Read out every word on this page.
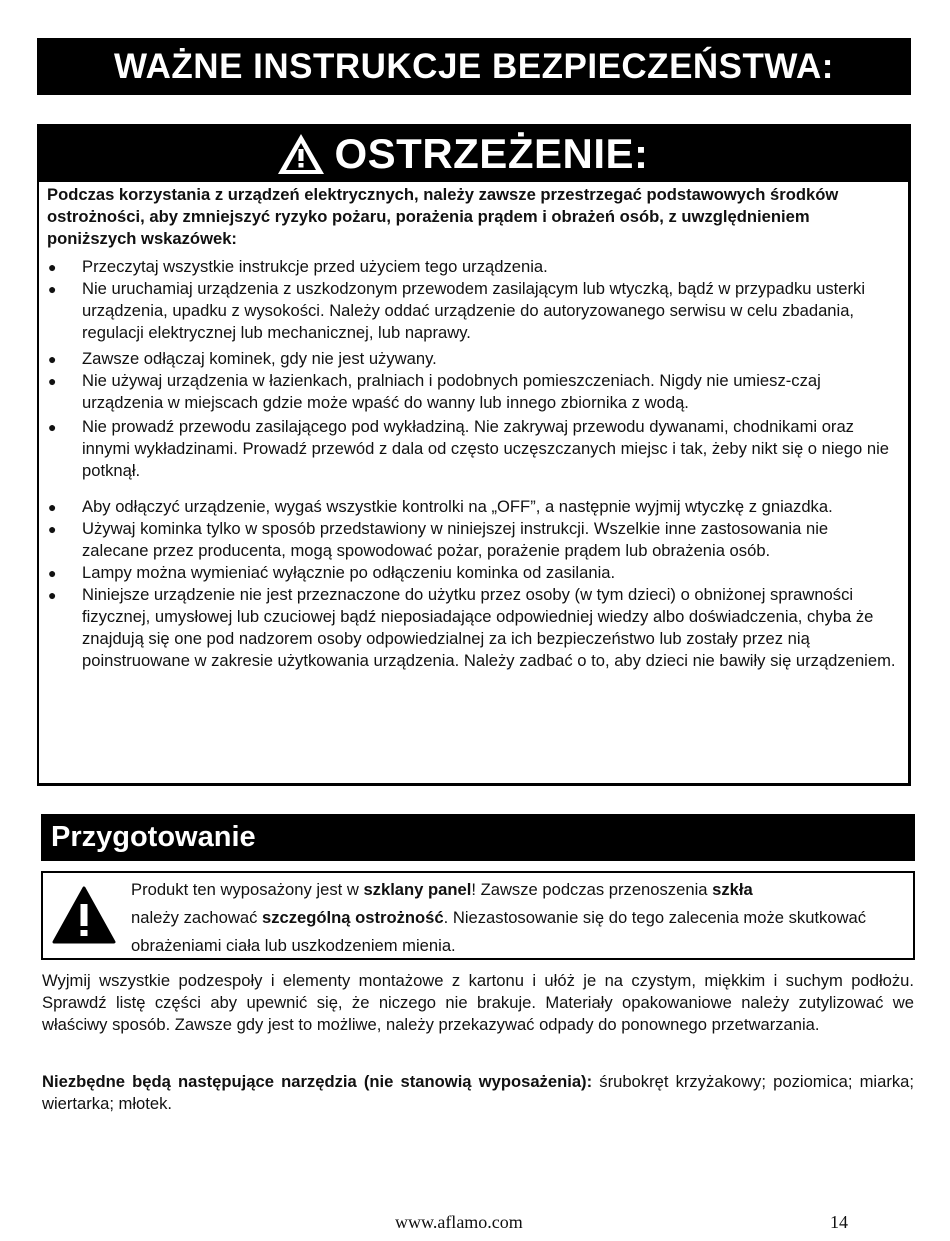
WAŻNE INSTRUKCJE BEZPIECZEŃSTWA:
OSTRZEŻENIE:
Podczas korzystania z urządzeń elektrycznych, należy zawsze przestrzegać podstawowych środków ostrożności, aby zmniejszyć ryzyko pożaru, porażenia prądem i obrażeń osób, z uwzględnieniem poniższych wskazówek:
● Przeczytaj wszystkie instrukcje przed użyciem tego urządzenia.
● Nie uruchamiaj urządzenia z uszkodzonym przewodem zasilającym lub wtyczką, bądź w przypadku usterki urządzenia, upadku z wysokości. Należy oddać urządzenie do autoryzowanego serwisu w celu zbadania, regulacji elektrycznej lub mechanicznej, lub naprawy.
● Zawsze odłączaj kominek, gdy nie jest używany.
● Nie używaj urządzenia w łazienkach, pralniach i podobnych pomieszczeniach. Nigdy nie umiesz-czaj urządzenia w miejscach gdzie może wpaść do wanny lub innego zbiornika z wodą.
● Nie prowadź przewodu zasilającego pod wykładziną. Nie zakrywaj przewodu dywanami, chodnikami oraz innymi wykładzinami. Prowadź przewód z dala od często uczęszczanych miejsc i tak, żeby nikt się o niego nie potknął.
● Aby odłączyć urządzenie, wygaś wszystkie kontrolki na „OFF”, a następnie wyjmij wtyczkę z gniazdka.
● Używaj kominka tylko w sposób przedstawiony w niniejszej instrukcji. Wszelkie inne zastosowania nie zalecane przez producenta, mogą spowodować pożar, porażenie prądem lub obrażenia osób.
● Lampy można wymieniać wyłącznie po odłączeniu kominka od zasilania.
● Niniejsze urządzenie nie jest przeznaczone do użytku przez osoby (w tym dzieci) o obniżonej sprawności fizycznej, umysłowej lub czuciowej bądź nieposiadające odpowiedniej wiedzy albo doświadczenia, chyba że znajdują się one pod nadzorem osoby odpowiedzialnej za ich bezpieczeństwo lub zostały przez nią poinstruowane w zakresie użytkowania urządzenia. Należy zadbać o to, aby dzieci nie bawiły się urządzeniem.
Przygotowanie
Produkt ten wyposażony jest w szklany panel! Zawsze podczas przenoszenia szkła
należy zachować szczególną ostrożność. Niezastosowanie się do tego zalecenia może skutkować obrażeniami ciała lub uszkodzeniem mienia.
Wyjmij wszystkie podzespoły i elementy montażowe z kartonu i ułóż je na czystym, miękkim i suchym podłożu. Sprawdź listę części aby upewnić się, że niczego nie brakuje. Materiały opakowaniowe należy zutylizować we właściwy sposób. Zawsze gdy jest to możliwe, należy przekazywać odpady do ponownego przetwarzania.
Niezbędne będą następujące narzędzia (nie stanowią wyposażenia): śrubokręt krzyżakowy; poziomica; miarka; wiertarka; młotek.
www.aflamo.com	14
